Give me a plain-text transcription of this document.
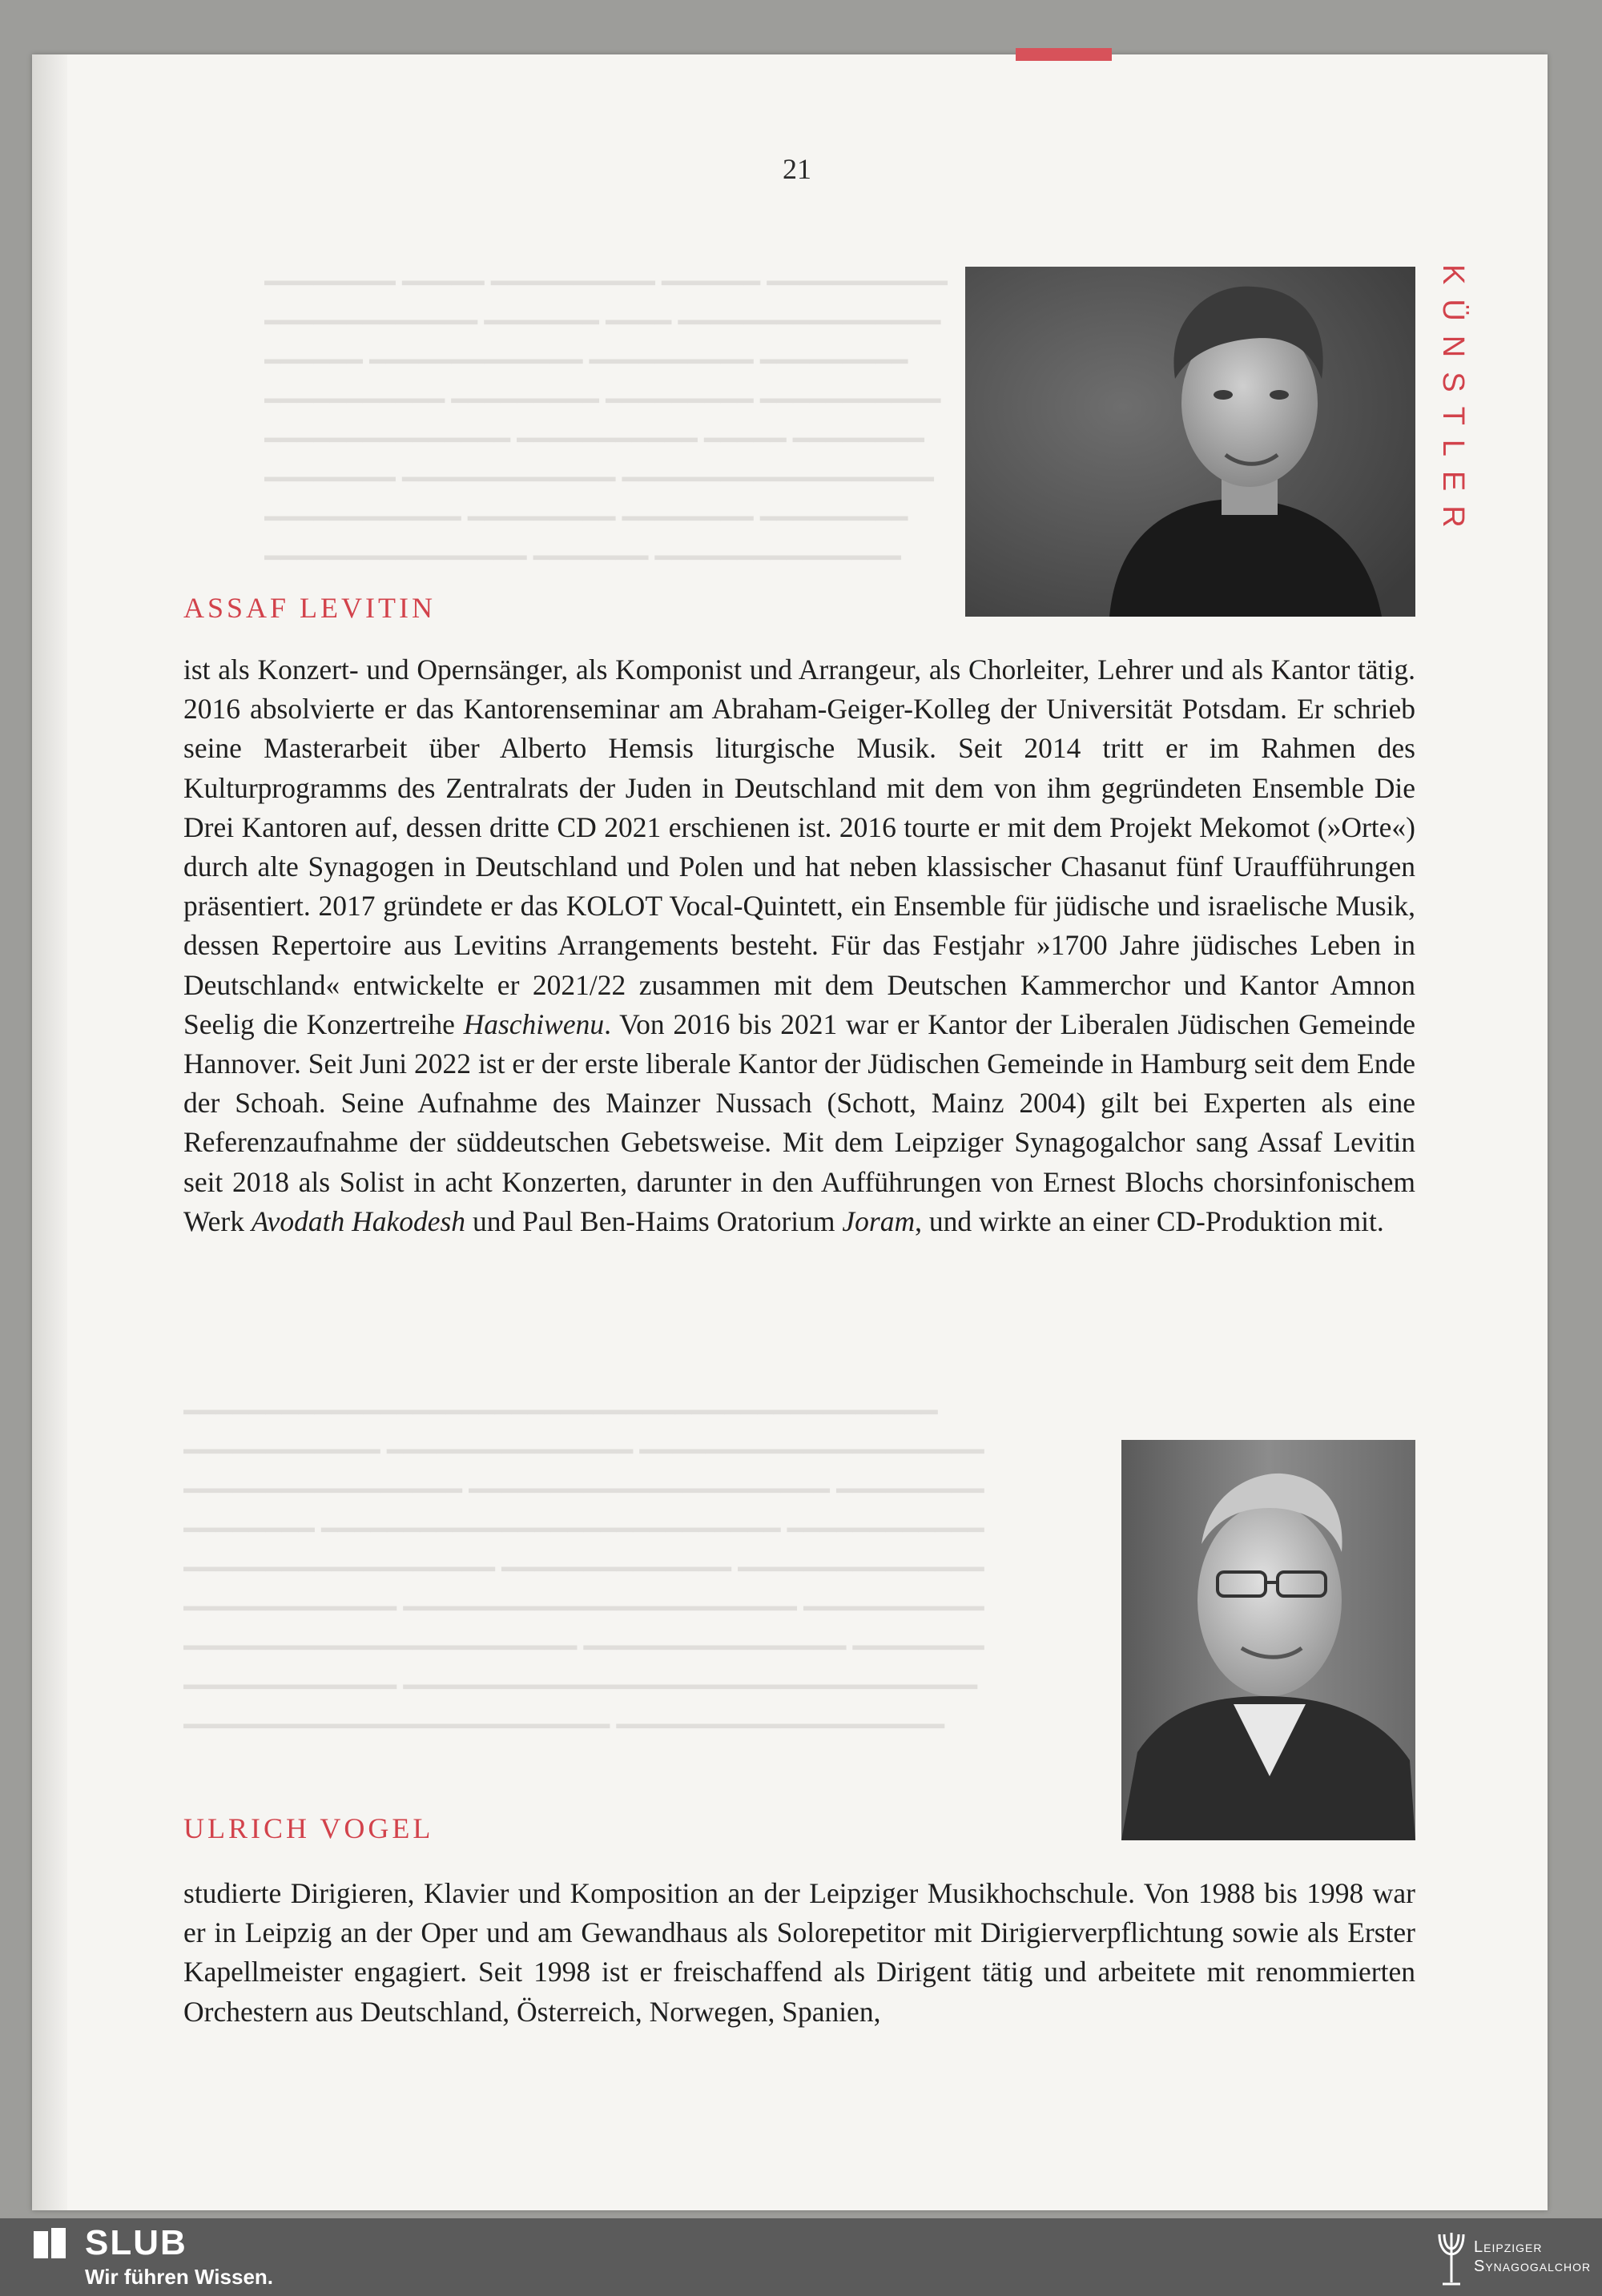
━━━━━━━━ ━━━━━ ━━━━━━━━━━ ━━━━━━ ━━━━━━━━━━━
━━━━━━━━━━━━━ ━━━━━━━ ━━━━ ━━━━━━━━━━━━━━━━
━━━━━━ ━━━━━━━━━━━━━ ━━━━━━━━━━ ━━━━━━━━━
━━━━━━━━━━━ ━━━━━━━━━ ━━━━━━━━━ ━━━━━━━━━━━
━━━━━━━━━━━━━━━ ━━━━━━━━━━━ ━━━━━ ━━━━━━━━
━━━━━━━━ ━━━━━━━━━━━━━ ━━━━━━━━━━━━━━━━━━━
━━━━━━━━━━━━ ━━━━━━━━━ ━━━━━━━━ ━━━━━━━━━
━━━━━━━━━━━━━━━━ ━━━━━━━ ━━━━━━━━━━━━━━━
━━━━━━━━━━━━━━━━━━━━━━━━━━━━━━━━━━━━━━━━━━━━━━
━━━━━━━━━━━━ ━━━━━━━━━━━━━━━ ━━━━━━━━━━━━━━━━━━━━━
━━━━━━━━━━━━━━━━━ ━━━━━━━━━━━━━━━━━━━━━━ ━━━━━━━━━
━━━━━━━━ ━━━━━━━━━━━━━━━━━━━━━━━━━━━━ ━━━━━━━━━━━━
━━━━━━━━━━━━━━━━━━━ ━━━━━━━━━━━━━━ ━━━━━━━━━━━━━━━
━━━━━━━━━━━━━ ━━━━━━━━━━━━━━━━━━━━━━━━ ━━━━━━━━━━━
━━━━━━━━━━━━━━━━━━━━━━━━ ━━━━━━━━━━━━━━━━ ━━━━━━━━
━━━━━━━━━━━━━ ━━━━━━━━━━━━━━━━━━━━━━━━━━━━━━━━━━━
━━━━━━━━━━━━━━━━━━━━━━━━━━ ━━━━━━━━━━━━━━━━━━━━
21
KÜNSTLER
ASSAF LEVITIN
ist als Konzert- und Opernsänger, als Komponist und Arrangeur, als Chorleiter, Lehrer und als Kantor tätig. 2016 absolvierte er das Kantorenseminar am Abraham-Geiger-Kolleg der Universität Potsdam. Er schrieb seine Masterarbeit über Alberto Hemsis liturgische Musik. Seit 2014 tritt er im Rahmen des Kulturprogramms des Zentralrats der Juden in Deutschland mit dem von ihm gegründeten Ensemble Die Drei Kantoren auf, dessen dritte CD 2021 erschienen ist. 2016 tourte er mit dem Projekt Mekomot (»Orte«) durch alte Synagogen in Deutschland und Polen und hat neben klassischer Chasanut fünf Uraufführungen präsentiert. 2017 gründete er das KOLOT Vocal-Quintett, ein Ensemble für jüdische und israelische Musik, dessen Repertoire aus Levitins Arrangements besteht. Für das Festjahr »1700 Jahre jüdisches Leben in Deutschland« entwickelte er 2021/22 zusammen mit dem Deutschen Kammerchor und Kantor Amnon Seelig die Konzertreihe Haschiwenu. Von 2016 bis 2021 war er Kantor der Liberalen Jüdischen Gemeinde Hannover. Seit Juni 2022 ist er der erste liberale Kantor der Jüdischen Gemeinde in Hamburg seit dem Ende der Schoah. Seine Aufnahme des Mainzer Nussach (Schott, Mainz 2004) gilt bei Experten als eine Referenzaufnahme der süddeutschen Gebetsweise. Mit dem Leipziger Synagogalchor sang Assaf Levitin seit 2018 als Solist in acht Konzerten, darunter in den Aufführungen von Ernest Blochs chorsinfonischem Werk Avodath Hakodesh und Paul Ben-Haims Oratorium Joram, und wirkte an einer CD-Produktion mit.
ULRICH VOGEL
studierte Dirigieren, Klavier und Komposition an der Leipziger Musikhochschule. Von 1988 bis 1998 war er in Leipzig an der Oper und am Gewandhaus als Solorepetitor mit Dirigierverpflichtung sowie als Erster Kapellmeister engagiert. Seit 1998 ist er freischaffend als Dirigent tätig und arbeitete mit renommierten Orchestern aus Deutschland, Österreich, Norwegen, Spanien,
SLUB
Wir führen Wissen.
Leipziger
Synagogalchor
